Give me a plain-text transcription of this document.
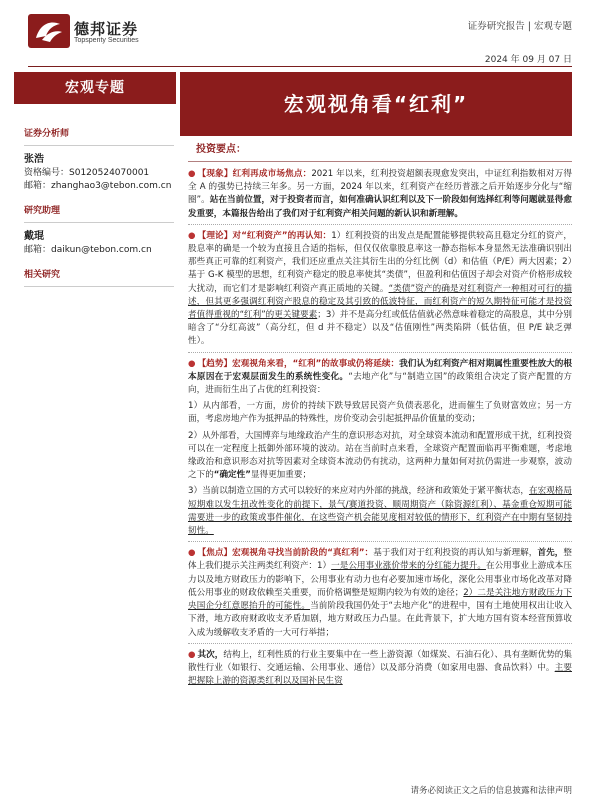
德邦证券
Topsperity Securities
证券研究报告 | 宏观专题
2024 年 09 月 07 日
宏观专题
宏观视角看“红利”

证券分析师

张浩

资格编号：S0120524070001

邮箱：zhanghao3@tebon.com.cn

研究助理

戴琨

邮箱：daikun@tebon.com.cn

相关研究

投资要点：

● 【现象】红利再成市场焦点：2021 年以来，红利投资超额表现愈发突出，中证红利指数相对万得全 A 的强势已持续三年多。另一方面，2024 年以来，红利资产在经历普涨之后开始逐步分化与“缩圈”。站在当前位置，对于投资者而言，如何准确认识红利以及下一阶段如何选择红利等问题就显得愈发重要，本篇报告给出了我们对于红利资产相关问题的新认识和新理解。

● 【理论】对“红利资产”的再认知：1）红利投资的出发点是配置能够提供较高且稳定分红的资产，股息率的确是一个较为直接且合适的指标，但仅仅依靠股息率这一静态指标本身显然无法准确识别出那些真正可靠的红利资产，我们还应重点关注其衍生出的分红比例（d）和估值（P/E）两大因素；2）基于 G-K 模型的思想，红利资产稳定的股息率使其“类债”，但盈利和估值因子却会对资产价格形成较大扰动，而它们才是影响红利资产真正质地的关键。“类债”资产的确是对红利资产一种相对可行的描述，但其更多强调红利资产股息的稳定及其引致的低波特征，而红利资产的短久期特征可能才是投资者值得重视的“红利”的更关键要素；3）并不是高分红或低估值就必然意味着稳定的高股息，其中分别暗含了“分红高波”（高分红，但 d 并不稳定）以及“估值刚性”两类陷阱（低估值，但 P/E 缺乏弹性）。

● 【趋势】宏观视角来看，“红利”的故事或仍将延续：我们认为红利资产相对期属性重要性放大的根本原因在于宏观层面发生的系统性变化。“去地产化”与“制造立国”的政策组合决定了资产配置的方向，进而衍生出了占优的红利投资：

1）从内部看，一方面，房价的持续下跌导致居民资产负债表恶化，进而催生了负财富效应；另一方面，考虑房地产作为抵押品的特殊性，房价变动会引起抵押品价值量的变动；

2）从外部看，大国博弈与地缘政治产生的意识形态对抗，对全球资本流动和配置形成干扰，红利投资可以在一定程度上抵御外部环境的波动。站在当前时点来看，全球资产配置面临再平衡难题，考虑地缘政治和意识形态对抗等因素对全球资本流动仍有扰动，这两种力量如何对抗仍需进一步观察，波动之下的“确定性”显得更加重要；

3）当前以制造立国的方式可以较好的来应对内外部的挑战，经济和政策处于紧平衡状态，在宏观格局短期难以发生扭改性变化的前提下，景气/赛道投资、顺周期资产（除资源红利）、基金重仓短期可能需要进一步的政策或事件催化，在这些资产机会能见度相对较低的情形下，红利资产在中期有坚韧持韧性。

● 【焦点】宏观视角寻找当前阶段的“真红利”：基于我们对于红利投资的再认知与新理解，首先，整体上我们提示关注两类红利资产：1）一是公用事业涨价带来的分红能力提升。在公用事业上游成本压力以及地方财政压力的影响下，公用事业有动力也有必要加速市场化，深化公用事业市场化改革对降低公用事业的财政依赖至关重要，而价格调整是短期内较为有效的途径；2）二是关注地方财政压力下央国企分红意愿抬升的可能性。当前阶段我国仍处于“去地产化”的进程中，国有土地使用权出让收入下滑，地方政府财政收支矛盾加剧，地方财政压力凸显。在此背景下，扩大地方国有资本经营预算收入成为缓解收支矛盾的一大可行举措；

● 其次，结构上，红利性质的行业主要集中在一些上游资源（如煤炭、石油石化）、具有垄断优势的集散性行业（如银行、交通运输、公用事业、通信）以及部分消费（如家用电器、食品饮料）中。主要把握除上游的资源类红利以及国补民生资

请务必阅读正文之后的信息披露和法律声明
